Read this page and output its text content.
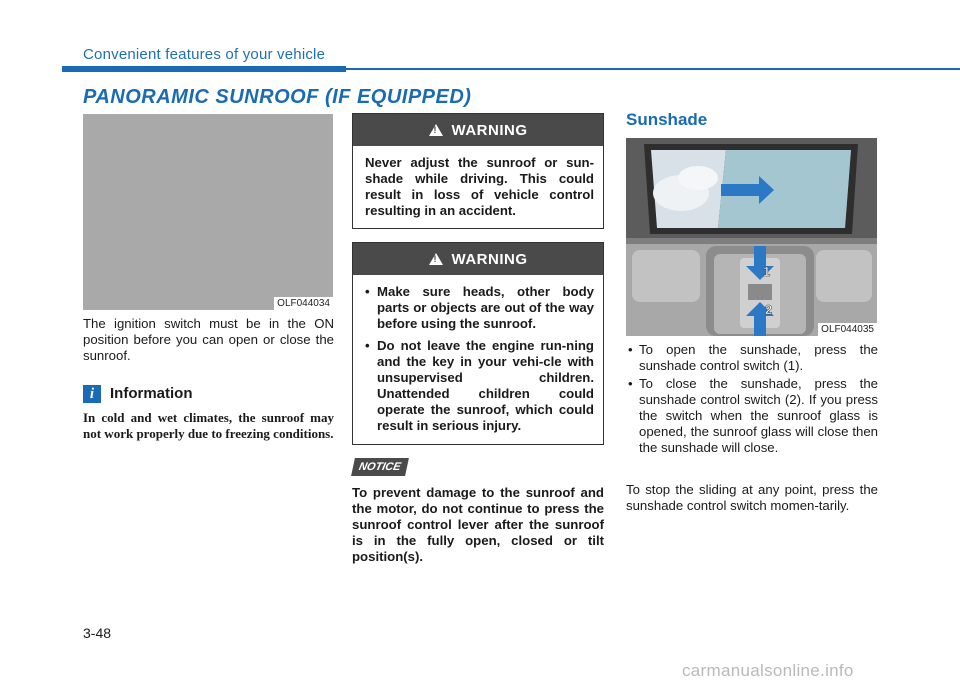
Convenient features of your vehicle
PANORAMIC SUNROOF (IF EQUIPPED)
OLF044034
The ignition switch must be in the ON position before you can open or close the sunroof.
i	Information
In cold and wet climates, the sunroof may not work properly due to freezing conditions.
!
WARNING
Never adjust the sunroof or sun-shade while driving. This could result in loss of vehicle control resulting in an accident.
!
WARNING
• Make sure heads, other body parts or objects are out of the way before using the sunroof.
• Do not leave the engine run-ning and the key in your vehi-cle with unsupervised children. Unattended children could operate the sunroof, which could result in serious injury.
NOTICE
To prevent damage to the sunroof and the motor, do not continue to press the sunroof control lever after the sunroof is in the fully open, closed or tilt position(s).
Sunshade
1
2
OLF044035
• To open the sunshade, press the sunshade control switch (1).
• To close the sunshade, press the sunshade control switch (2). If you press the switch when the sunroof glass is opened, the sunroof glass will close then the sunshade will close.
To stop the sliding at any point, press the sunshade control switch momen-tarily.
3-48
carmanualsonline.info
